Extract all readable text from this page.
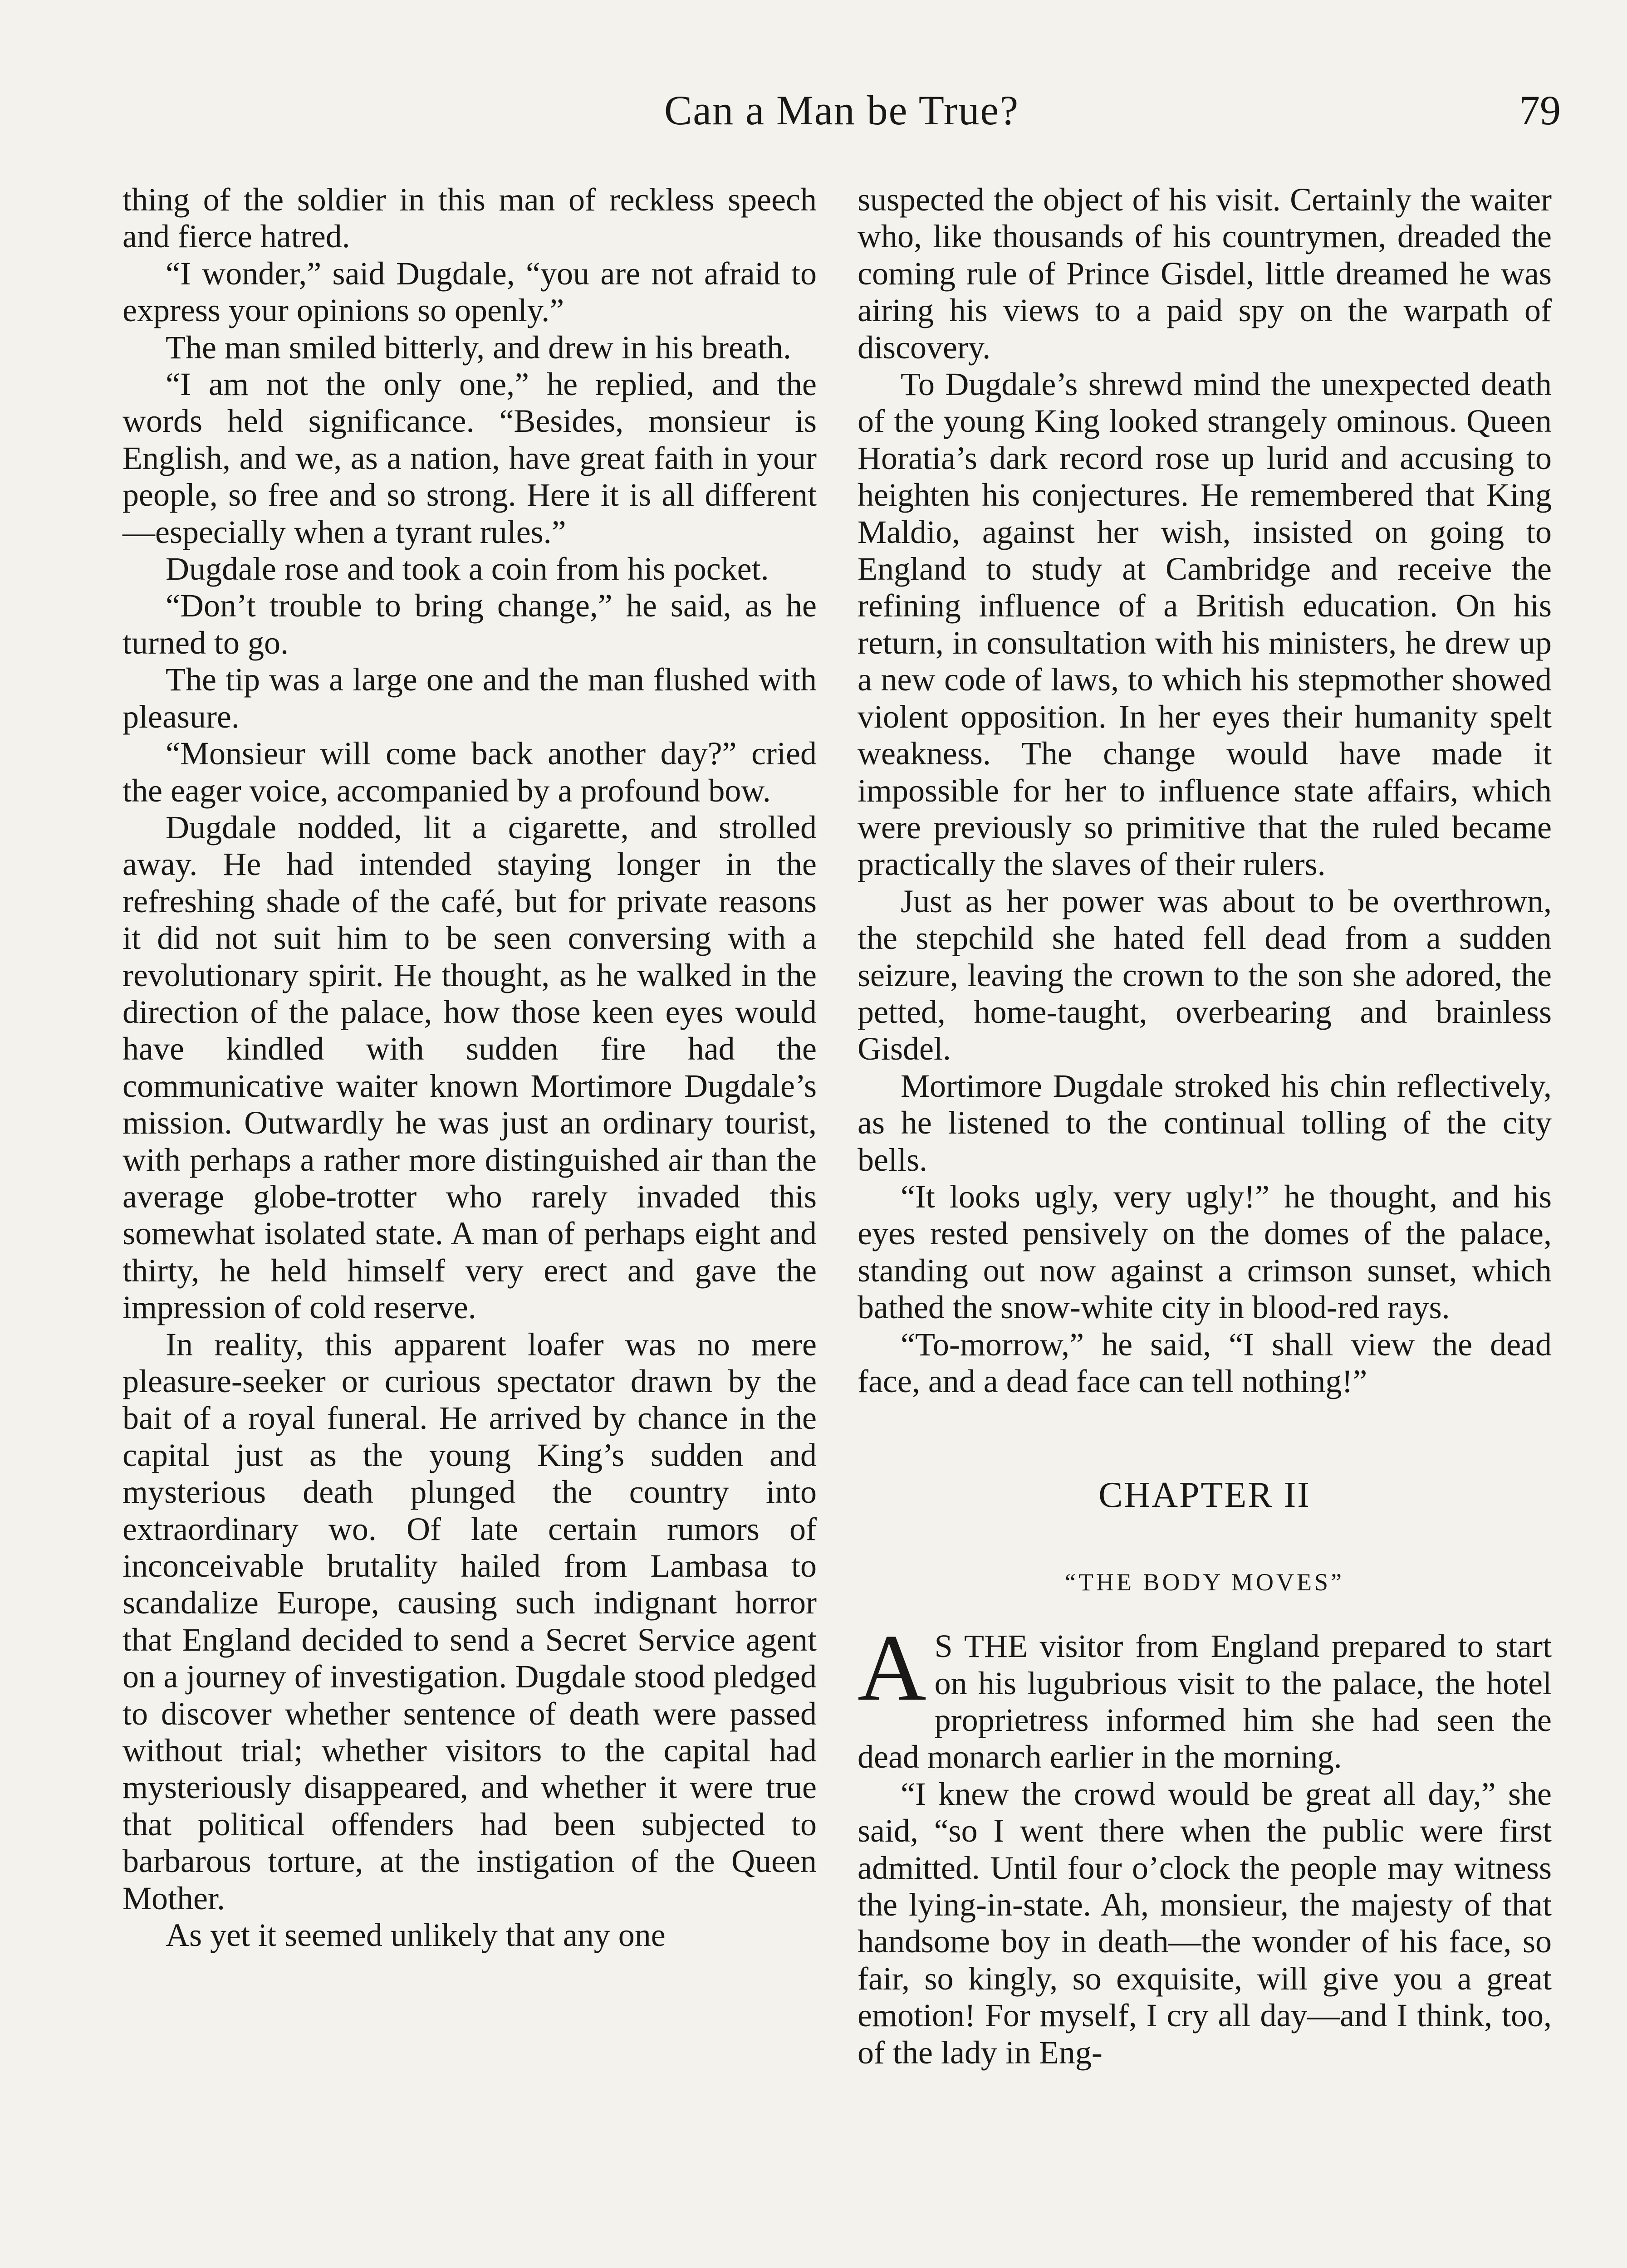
Can a Man be True?	79

thing of the soldier in this man of reckless speech and fierce hatred.

“I wonder,” said Dugdale, “you are not afraid to express your opinions so openly.”

The man smiled bitterly, and drew in his breath.

“I am not the only one,” he replied, and the words held significance. “Besides, monsieur is English, and we, as a nation, have great faith in your people, so free and so strong. Here it is all different—especially when a tyrant rules.”

Dugdale rose and took a coin from his pocket.

“Don’t trouble to bring change,” he said, as he turned to go.

The tip was a large one and the man flushed with pleasure.

“Monsieur will come back another day?” cried the eager voice, accompanied by a profound bow.

Dugdale nodded, lit a cigarette, and strolled away. He had intended staying longer in the refreshing shade of the café, but for private reasons it did not suit him to be seen conversing with a revolutionary spirit. He thought, as he walked in the direction of the palace, how those keen eyes would have kindled with sudden fire had the communicative waiter known Mortimore Dugdale’s mission. Outwardly he was just an ordinary tourist, with perhaps a rather more distinguished air than the average globe-trotter who rarely invaded this somewhat isolated state. A man of perhaps eight and thirty, he held himself very erect and gave the impression of cold reserve.

In reality, this apparent loafer was no mere pleasure-seeker or curious spectator drawn by the bait of a royal funeral. He arrived by chance in the capital just as the young King’s sudden and mysterious death plunged the country into extraordinary wo. Of late certain rumors of inconceivable brutality hailed from Lambasa to scandalize Europe, causing such indignant horror that England decided to send a Secret Service agent on a journey of investigation. Dugdale stood pledged to discover whether sentence of death were passed without trial; whether visitors to the capital had mysteriously disappeared, and whether it were true that political offenders had been subjected to barbarous torture, at the instigation of the Queen Mother.

As yet it seemed unlikely that any one

suspected the object of his visit. Certainly the waiter who, like thousands of his countrymen, dreaded the coming rule of Prince Gisdel, little dreamed he was airing his views to a paid spy on the warpath of discovery.

To Dugdale’s shrewd mind the unexpected death of the young King looked strangely ominous. Queen Horatia’s dark record rose up lurid and accusing to heighten his conjectures. He remembered that King Maldio, against her wish, insisted on going to England to study at Cambridge and receive the refining influence of a British education. On his return, in consultation with his ministers, he drew up a new code of laws, to which his stepmother showed violent opposition. In her eyes their humanity spelt weakness. The change would have made it impossible for her to influence state affairs, which were previously so primitive that the ruled became practically the slaves of their rulers.

Just as her power was about to be overthrown, the stepchild she hated fell dead from a sudden seizure, leaving the crown to the son she adored, the petted, home-taught, overbearing and brainless Gisdel.

Mortimore Dugdale stroked his chin reflectively, as he listened to the continual tolling of the city bells.

“It looks ugly, very ugly!” he thought, and his eyes rested pensively on the domes of the palace, standing out now against a crimson sunset, which bathed the snow-white city in blood-red rays.

“To-morrow,” he said, “I shall view the dead face, and a dead face can tell nothing!”

CHAPTER II
“THE BODY MOVES”

A S THE visitor from England prepared to start on his lugubrious visit to the palace, the hotel proprietress informed him she had seen the dead monarch earlier in the morning.

“I knew the crowd would be great all day,” she said, “so I went there when the public were first admitted. Until four o’clock the people may witness the lying-in-state. Ah, monsieur, the majesty of that handsome boy in death—the wonder of his face, so fair, so kingly, so exquisite, will give you a great emotion! For myself, I cry all day—and I think, too, of the lady in Eng-
